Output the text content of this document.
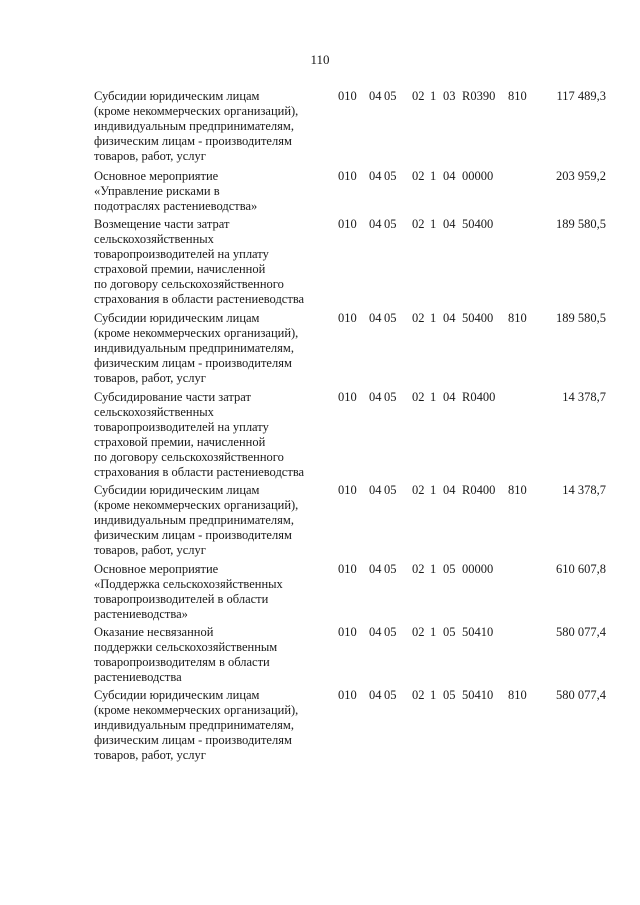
110
Субсидии юридическим лицам
(кроме некоммерческих организаций),
индивидуальным предпринимателям,
физическим лицам - производителям
товаров, работ, услуг
010 04 05 02 1 03 R0390 810	117 489,3
Основное мероприятие
«Управление рисками в
подотраслях растениеводства»
010 04 05 02 1 04 00000	203 959,2
Возмещение части затрат
сельскохозяйственных
товаропроизводителей на уплату
страховой премии, начисленной
по договору сельскохозяйственного
страхования в области растениеводства
010 04 05 02 1 04 50400	189 580,5
Субсидии юридическим лицам
(кроме некоммерческих организаций),
индивидуальным предпринимателям,
физическим лицам - производителям
товаров, работ, услуг
010 04 05 02 1 04 50400 810	189 580,5
Субсидирование части затрат
сельскохозяйственных
товаропроизводителей на уплату
страховой премии, начисленной
по договору сельскохозяйственного
страхования в области растениеводства
010 04 05 02 1 04 R0400	14 378,7
Субсидии юридическим лицам
(кроме некоммерческих организаций),
индивидуальным предпринимателям,
физическим лицам - производителям
товаров, работ, услуг
010 04 05 02 1 04 R0400 810	14 378,7
Основное мероприятие
«Поддержка сельскохозяйственных
товаропроизводителей в области
растениеводства»
010 04 05 02 1 05 00000	610 607,8
Оказание несвязанной
поддержки сельскохозяйственным
товаропроизводителям в области
растениеводства
010 04 05 02 1 05 50410	580 077,4
Субсидии юридическим лицам
(кроме некоммерческих организаций),
индивидуальным предпринимателям,
физическим лицам - производителям
товаров, работ, услуг
010 04 05 02 1 05 50410 810	580 077,4
